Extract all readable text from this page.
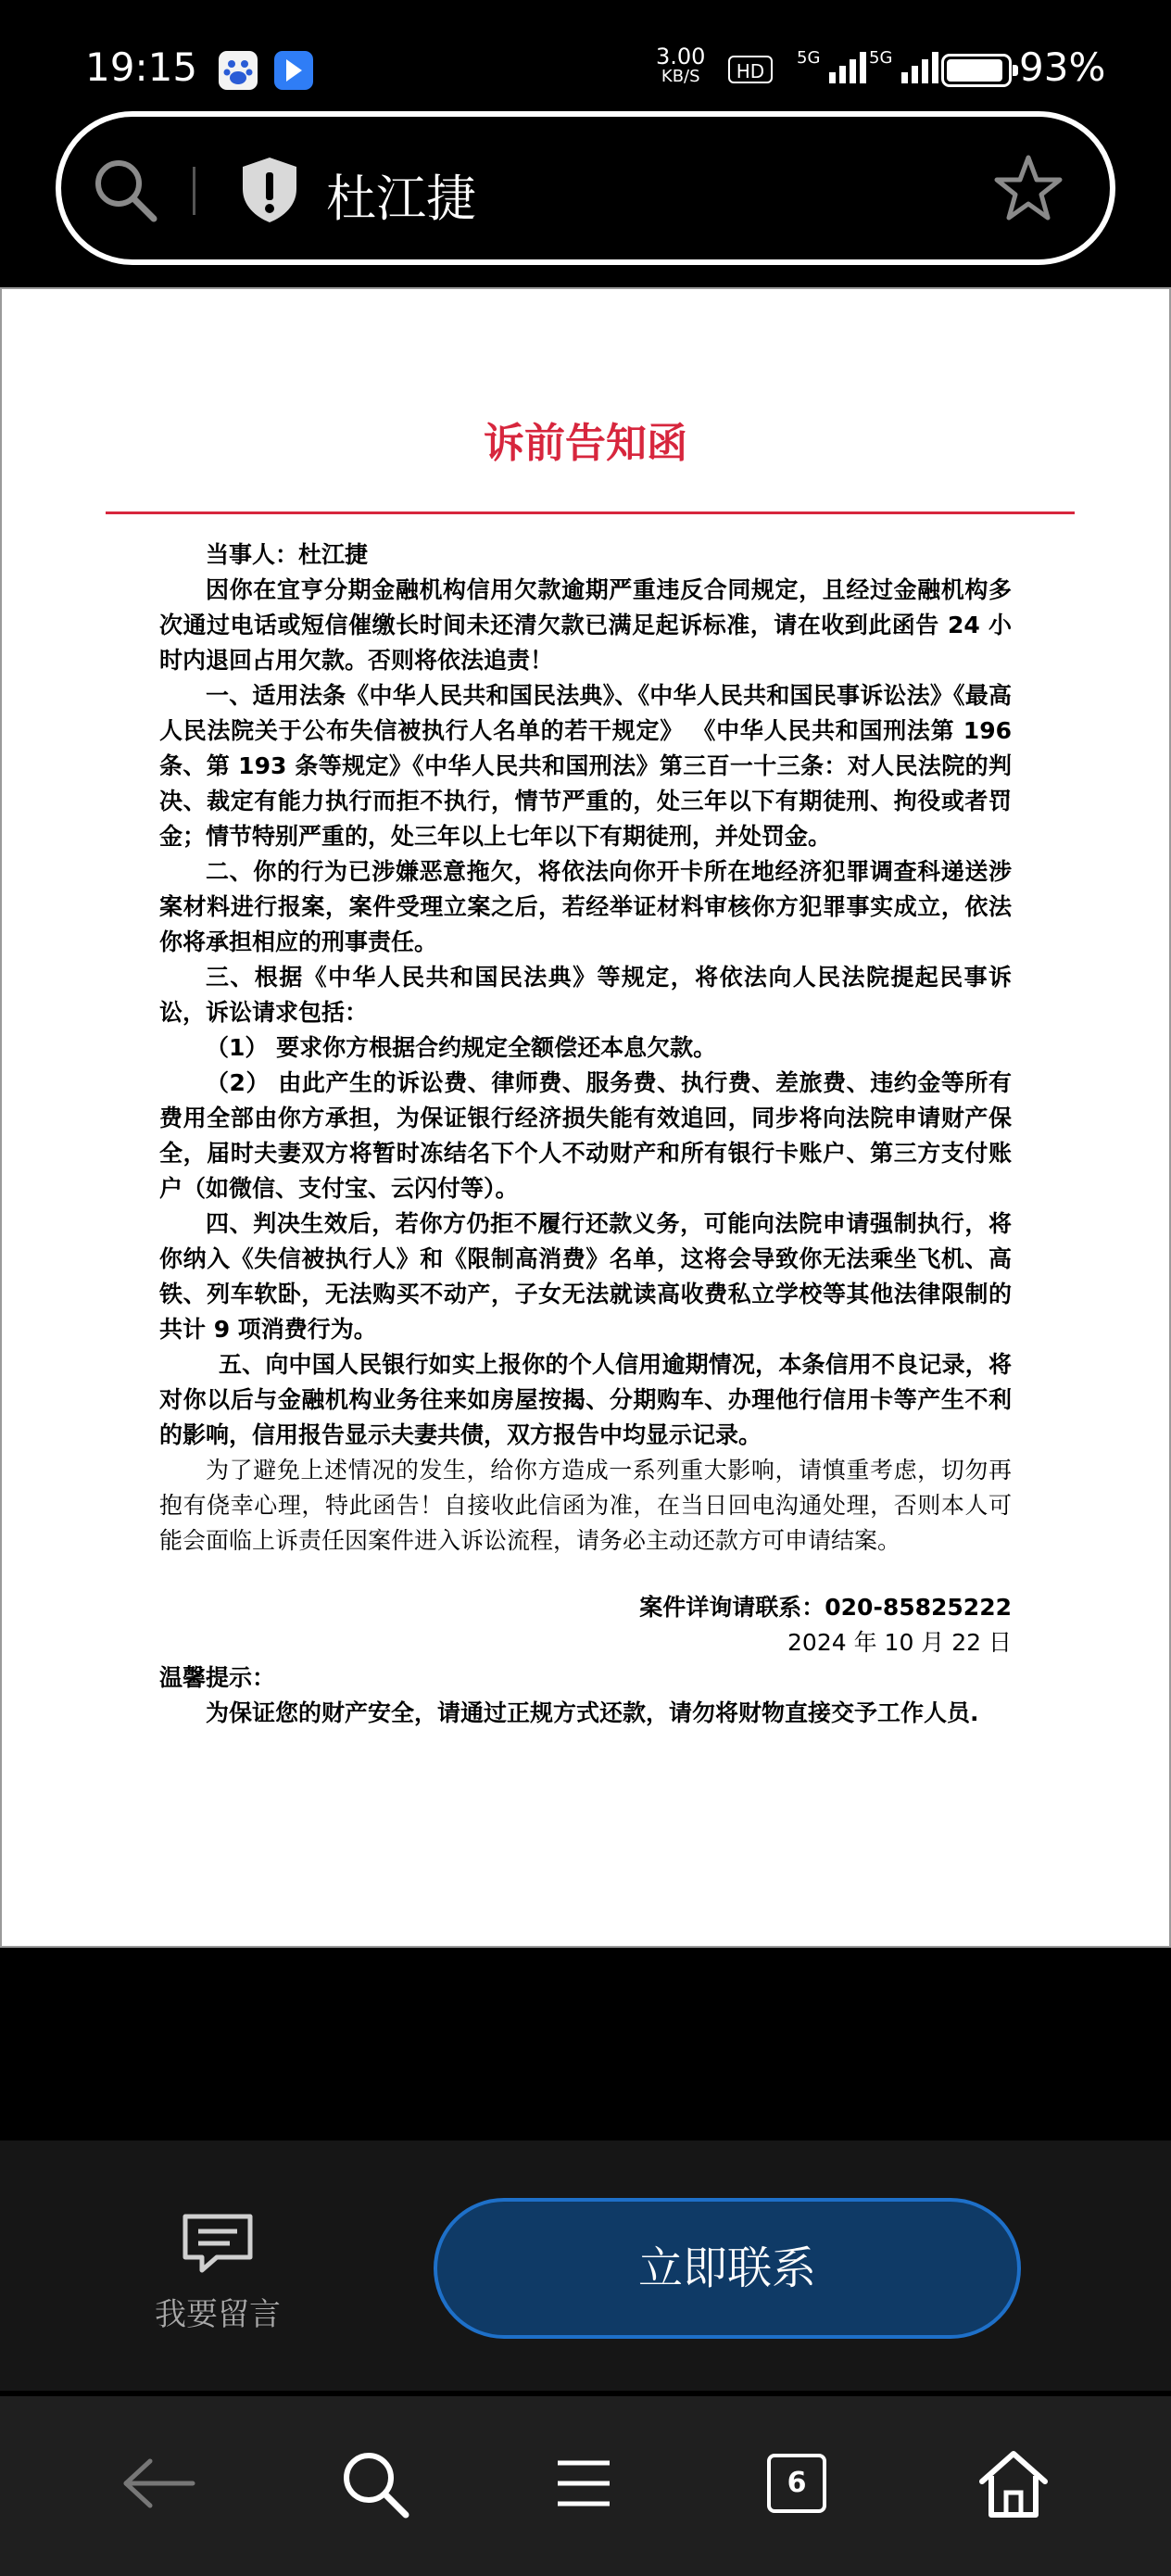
19:15	3.00
KB/S	HD
5G	5G	93%
杜江捷
诉前告知函

当事人：杜江捷

因你在宜亨分期金融机构信用欠款逾期严重违反合同规定，且经过金融机构多次通过电话或短信催缴长时间未还清欠款已满足起诉标准，请在收到此函告 24 小时内退回占用欠款。否则将依法追责！

一、适用法条《中华人民共和国民法典》、《中华人民共和国民事诉讼法》《最高人民法院关于公布失信被执行人名单的若干规定》 《中华人民共和国刑法第 196 条、第 193 条等规定》《中华人民共和国刑法》第三百一十三条：对人民法院的判决、裁定有能力执行而拒不执行，情节严重的，处三年以下有期徒刑、拘役或者罚金；情节特别严重的，处三年以上七年以下有期徒刑，并处罚金。

二、你的行为已涉嫌恶意拖欠，将依法向你开卡所在地经济犯罪调查科递送涉案材料进行报案，案件受理立案之后，若经举证材料审核你方犯罪事实成立，依法你将承担相应的刑事责任。

三、根据《中华人民共和国民法典》等规定，将依法向人民法院提起民事诉讼，诉讼请求包括：

（1） 要求你方根据合约规定全额偿还本息欠款。

（2） 由此产生的诉讼费、律师费、服务费、执行费、差旅费、违约金等所有费用全部由你方承担，为保证银行经济损失能有效追回，同步将向法院申请财产保全，届时夫妻双方将暂时冻结名下个人不动财产和所有银行卡账户、第三方支付账户（如微信、支付宝、云闪付等）。

四、判决生效后，若你方仍拒不履行还款义务，可能向法院申请强制执行，将你纳入《失信被执行人》和《限制高消费》名单，这将会导致你无法乘坐飞机、高铁、列车软卧，无法购买不动产，子女无法就读高收费私立学校等其他法律限制的共计 9 项消费行为。

五、向中国人民银行如实上报你的个人信用逾期情况，本条信用不良记录，将对你以后与金融机构业务往来如房屋按揭、分期购车、办理他行信用卡等产生不利的影响，信用报告显示夫妻共债，双方报告中均显示记录。

为了避免上述情况的发生，给你方造成一系列重大影响，请慎重考虑，切勿再抱有侥幸心理，特此函告！自接收此信函为准，在当日回电沟通处理，否则本人可能会面临上诉责任因案件进入诉讼流程，请务必主动还款方可申请结案。

案件详询请联系：020-85825222

2024 年 10 月 22 日

温馨提示：

为保证您的财产安全，请通过正规方式还款，请勿将财物直接交予工作人员.

我要留言
立即联系
6
